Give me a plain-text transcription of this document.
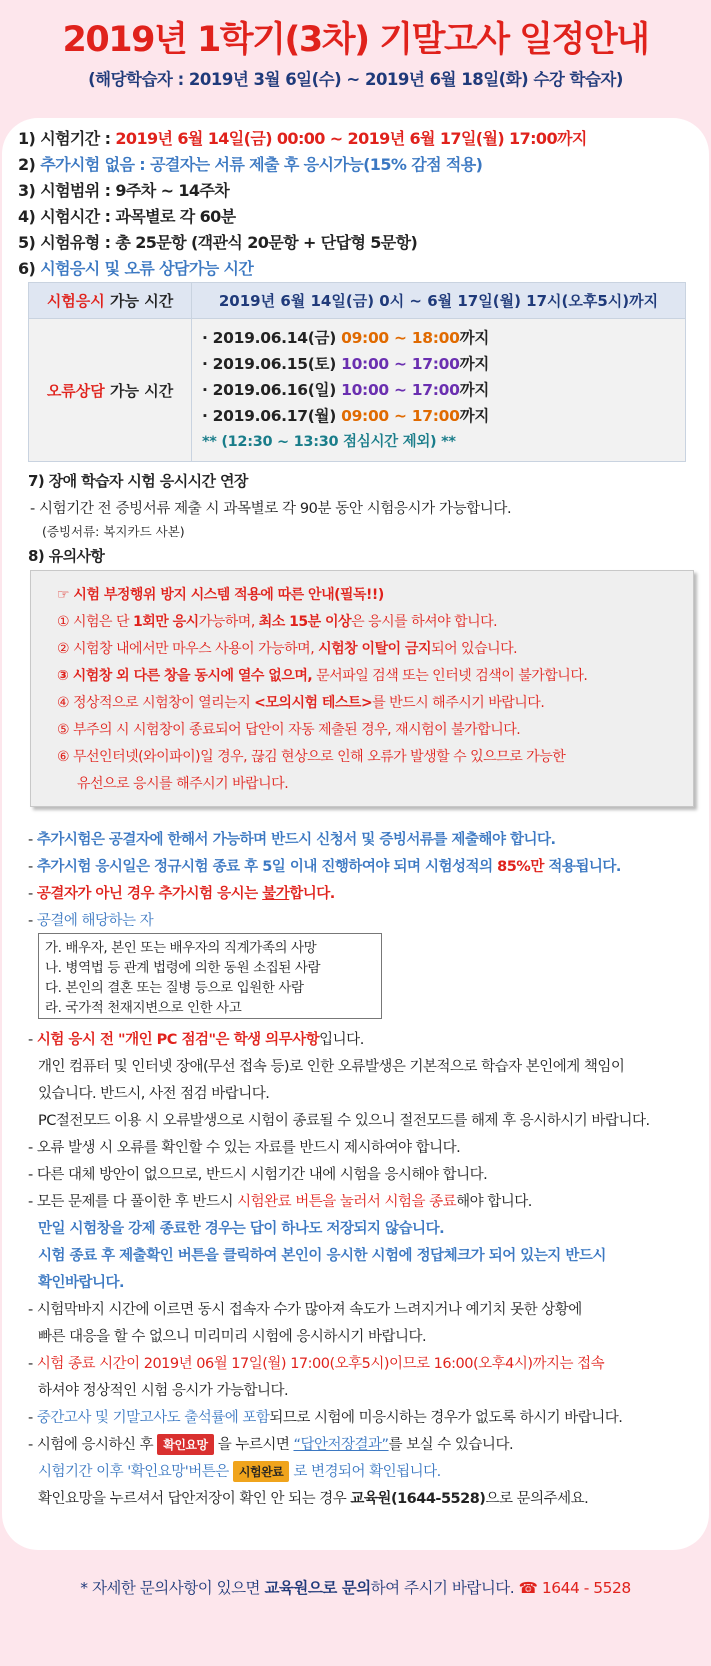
2019년 1학기(3차) 기말고사 일정안내
(해당학습자 : 2019년 3월 6일(수) ~ 2019년 6월 18일(화) 수강 학습자)
1) 시험기간 : 2019년 6월 14일(금) 00:00 ~ 2019년 6월 17일(월) 17:00까지
2) 추가시험 없음 : 공결자는 서류 제출 후 응시가능(15% 감점 적용)
3) 시험범위 : 9주차 ~ 14주차
4) 시험시간 : 과목별로 각 60분
5) 시험유형 : 총 25문항 (객관식 20문항 + 단답형 5문항)
6) 시험응시 및 오류 상담가능 시간
시험응시 가능 시간	2019년 6월 14일(금) 0시 ~ 6월 17일(월) 17시(오후5시)까지
오류상담 가능 시간	· 2019.06.14(금) 09:00 ~ 18:00까지
· 2019.06.15(토) 10:00 ~ 17:00까지
· 2019.06.16(일) 10:00 ~ 17:00까지
· 2019.06.17(월) 09:00 ~ 17:00까지
** (12:30 ~ 13:30 점심시간 제외) **
7) 장애 학습자 시험 응시시간 연장
- 시험기간 전 증빙서류 제출 시 과목별로 각 90분 동안 시험응시가 가능합니다.
(증빙서류: 복지카드 사본)
8) 유의사항
☞ 시험 부정행위 방지 시스템 적용에 따른 안내(필독!!)
① 시험은 단 1회만 응시가능하며, 최소 15분 이상은 응시를 하셔야 합니다.
② 시험창 내에서만 마우스 사용이 가능하며, 시험창 이탈이 금지되어 있습니다.
③ 시험창 외 다른 창을 동시에 열수 없으며, 문서파일 검색 또는 인터넷 검색이 불가합니다.
④ 정상적으로 시험창이 열리는지 <모의시험 테스트>를 반드시 해주시기 바랍니다.
⑤ 부주의 시 시험창이 종료되어 답안이 자동 제출된 경우, 재시험이 불가합니다.
⑥ 무선인터넷(와이파이)일 경우, 끊김 현상으로 인해 오류가 발생할 수 있으므로 가능한
유선으로 응시를 해주시기 바랍니다.
- 추가시험은 공결자에 한해서 가능하며 반드시 신청서 및 증빙서류를 제출해야 합니다.
- 추가시험 응시일은 정규시험 종료 후 5일 이내 진행하여야 되며 시험성적의 85%만 적용됩니다.
- 공결자가 아닌 경우 추가시험 응시는 불가합니다.
- 공결에 해당하는 자
가. 배우자, 본인 또는 배우자의 직계가족의 사망
나. 병역법 등 관계 법령에 의한 동원 소집된 사람
다. 본인의 결혼 또는 질병 등으로 입원한 사람
라. 국가적 천재지변으로 인한 사고
- 시험 응시 전 "개인 PC 점검"은 학생 의무사항입니다.
개인 컴퓨터 및 인터넷 장애(무선 접속 등)로 인한 오류발생은 기본적으로 학습자 본인에게 책임이
있습니다. 반드시, 사전 점검 바랍니다.
PC절전모드 이용 시 오류발생으로 시험이 종료될 수 있으니 절전모드를 해제 후 응시하시기 바랍니다.
- 오류 발생 시 오류를 확인할 수 있는 자료를 반드시 제시하여야 합니다.
- 다른 대체 방안이 없으므로, 반드시 시험기간 내에 시험을 응시해야 합니다.
- 모든 문제를 다 풀이한 후 반드시 시험완료 버튼을 눌러서 시험을 종료해야 합니다.
만일 시험창을 강제 종료한 경우는 답이 하나도 저장되지 않습니다.
시험 종료 후 제출확인 버튼을 클릭하여 본인이 응시한 시험에 정답체크가 되어 있는지 반드시
확인바랍니다.
- 시험막바지 시간에 이르면 동시 접속자 수가 많아져 속도가 느려지거나 예기치 못한 상황에
빠른 대응을 할 수 없으니 미리미리 시험에 응시하시기 바랍니다.
- 시험 종료 시간이 2019년 06월 17일(월) 17:00(오후5시)이므로 16:00(오후4시)까지는 접속
하셔야 정상적인 시험 응시가 가능합니다.
- 중간고사 및 기말고사도 출석률에 포함되므로 시험에 미응시하는 경우가 없도록 하시기 바랍니다.
- 시험에 응시하신 후 확인요망 을 누르시면 “답안저장결과”를 보실 수 있습니다.
시험기간 이후 '확인요망'버튼은 시험완료 로 변경되어 확인됩니다.
확인요망을 누르셔서 답안저장이 확인 안 되는 경우 교육원(1644-5528)으로 문의주세요.
* 자세한 문의사항이 있으면 교육원으로 문의하여 주시기 바랍니다. ☎ 1644 - 5528
